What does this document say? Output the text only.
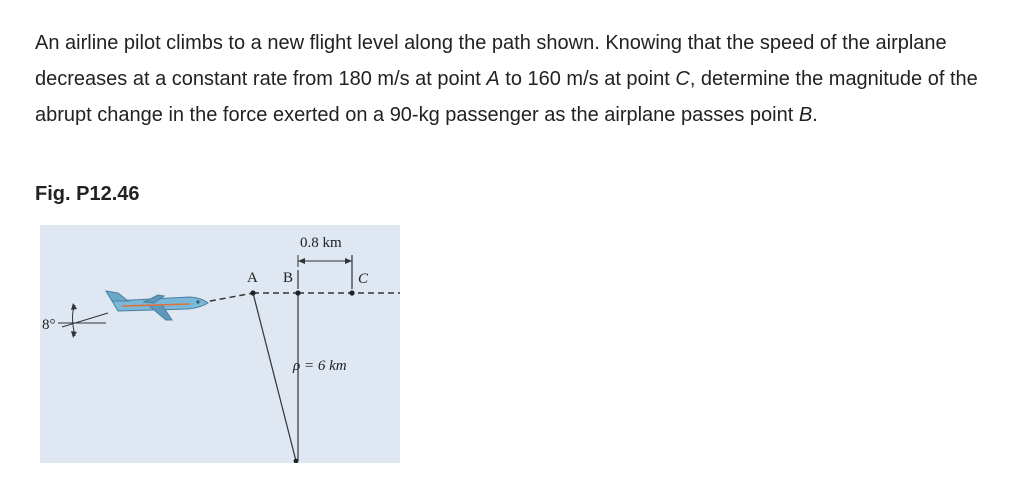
An airline pilot climbs to a new flight level along the path shown. Knowing that the speed of the airplane decreases at a constant rate from 180 m/s at point A to 160 m/s at point C, determine the magnitude of the abrupt change in the force exerted on a 90-kg passenger as the airplane passes point B.

Fig. P12.46

A B	C
0.8 km
ρ = 6 km
8°
